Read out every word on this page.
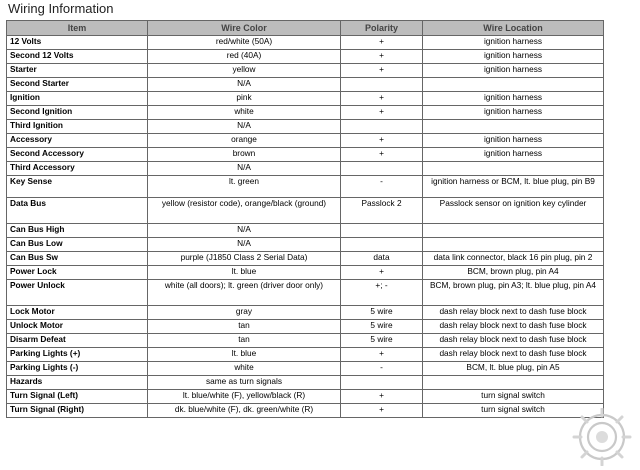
Wiring Information
Item	Wire Color	Polarity	Wire Location
12 Volts	red/white (50A)	+	ignition harness
Second 12 Volts	red (40A)	+	ignition harness
Starter	yellow	+	ignition harness
Second Starter	N/A		
Ignition	pink	+	ignition harness
Second Ignition	white	+	ignition harness
Third Ignition	N/A		
Accessory	orange	+	ignition harness
Second Accessory	brown	+	ignition harness
Third Accessory	N/A		
Key Sense	lt. green	-	ignition harness or BCM, lt. blue plug, pin B9
Data Bus	yellow (resistor code), orange/black (ground)	Passlock 2	Passlock sensor on ignition key cylinder
Can Bus High	N/A		
Can Bus Low	N/A		
Can Bus Sw	purple (J1850 Class 2 Serial Data)	data	data link connector, black 16 pin plug, pin 2
Power Lock	lt. blue	+	BCM, brown plug, pin A4
Power Unlock	white (all doors); lt. green (driver door only)	+; -	BCM, brown plug, pin A3; lt. blue plug, pin A4
Lock Motor	gray	5 wire	dash relay block next to dash fuse block
Unlock Motor	tan	5 wire	dash relay block next to dash fuse block
Disarm Defeat	tan	5 wire	dash relay block next to dash fuse block
Parking Lights (+)	lt. blue	+	dash relay block next to dash fuse block
Parking Lights (-)	white	-	BCM, lt. blue plug, pin A5
Hazards	same as turn signals		
Turn Signal (Left)	lt. blue/white (F), yellow/black (R)	+	turn signal switch
Turn Signal (Right)	dk. blue/white (F), dk. green/white (R)	+	turn signal switch
